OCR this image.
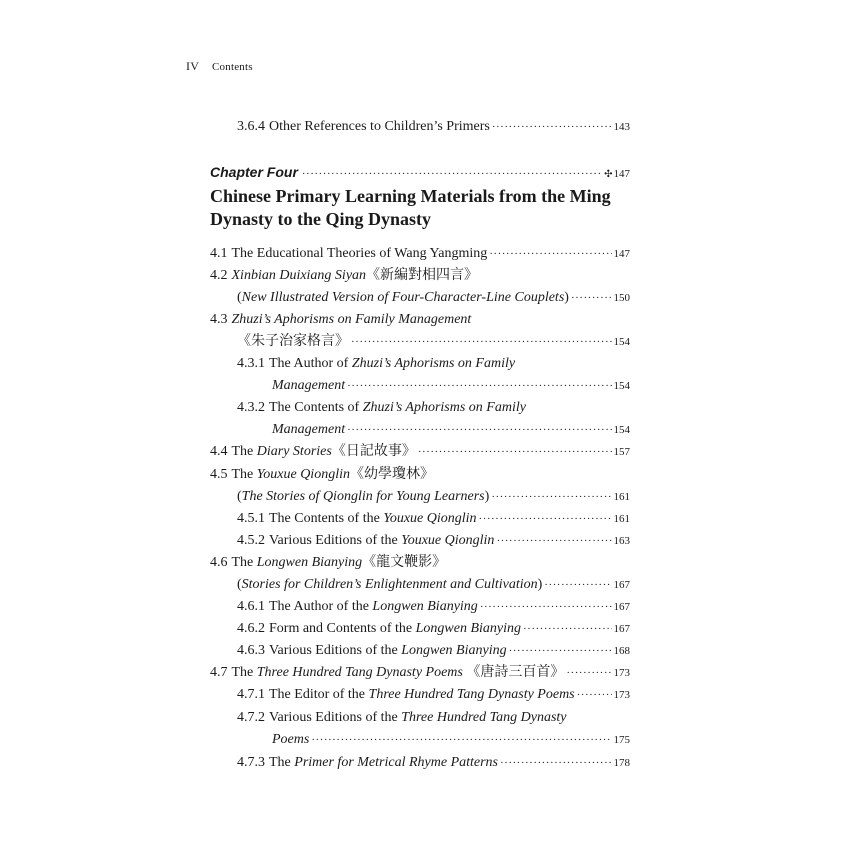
IV Contents
3.6.4 Other References to Children’s Primers ·····	143
Chapter Four ·····	✣ 147
Chinese Primary Learning Materials from the Ming Dynasty to the Qing Dynasty
4.1 The Educational Theories of Wang Yangming ·····	147
4.2 Xinbian Duixiang Siyan 《新編對相四言》
( New Illustrated Version of Four-Character-Line Couplets ) ·····	150
4.3 Zhuzi’s Aphorisms on Family Management
《朱子治家格言》 ·····	154
4.3.1 The Author of
Zhuzi’s Aphorisms on Family
Management ·····	154
4.3.2 The Contents of
Zhuzi’s Aphorisms on Family
Management ·····	154
4.4 The
Diary Stories 《日記故事》 ·····	157
4.5 The
Youxue Qionglin 《幼學瓊林》
( The Stories of Qionglin for Young Learners ) ·····	161
4.5.1 The Contents of the
Youxue Qionglin ·····	161
4.5.2 Various Editions of the
Youxue Qionglin ·····	163
4.6 The
Longwen Bianying 《龍文鞭影》
( Stories for Children’s Enlightenment and Cultivation ) ·····	167
4.6.1 The Author of the
Longwen Bianying ·····	167
4.6.2 Form and Contents of the
Longwen Bianying ·····	167
4.6.3 Various Editions of the
Longwen Bianying ·····	168
4.7 The
Three Hundred Tang Dynasty Poems
《唐詩三百首》 ·····	173
4.7.1 The Editor of the
Three Hundred Tang Dynasty Poems ·····	173
4.7.2 Various Editions of the
Three Hundred Tang Dynasty
Poems ·····	175
4.7.3 The
Primer for Metrical Rhyme Patterns ·····	178
